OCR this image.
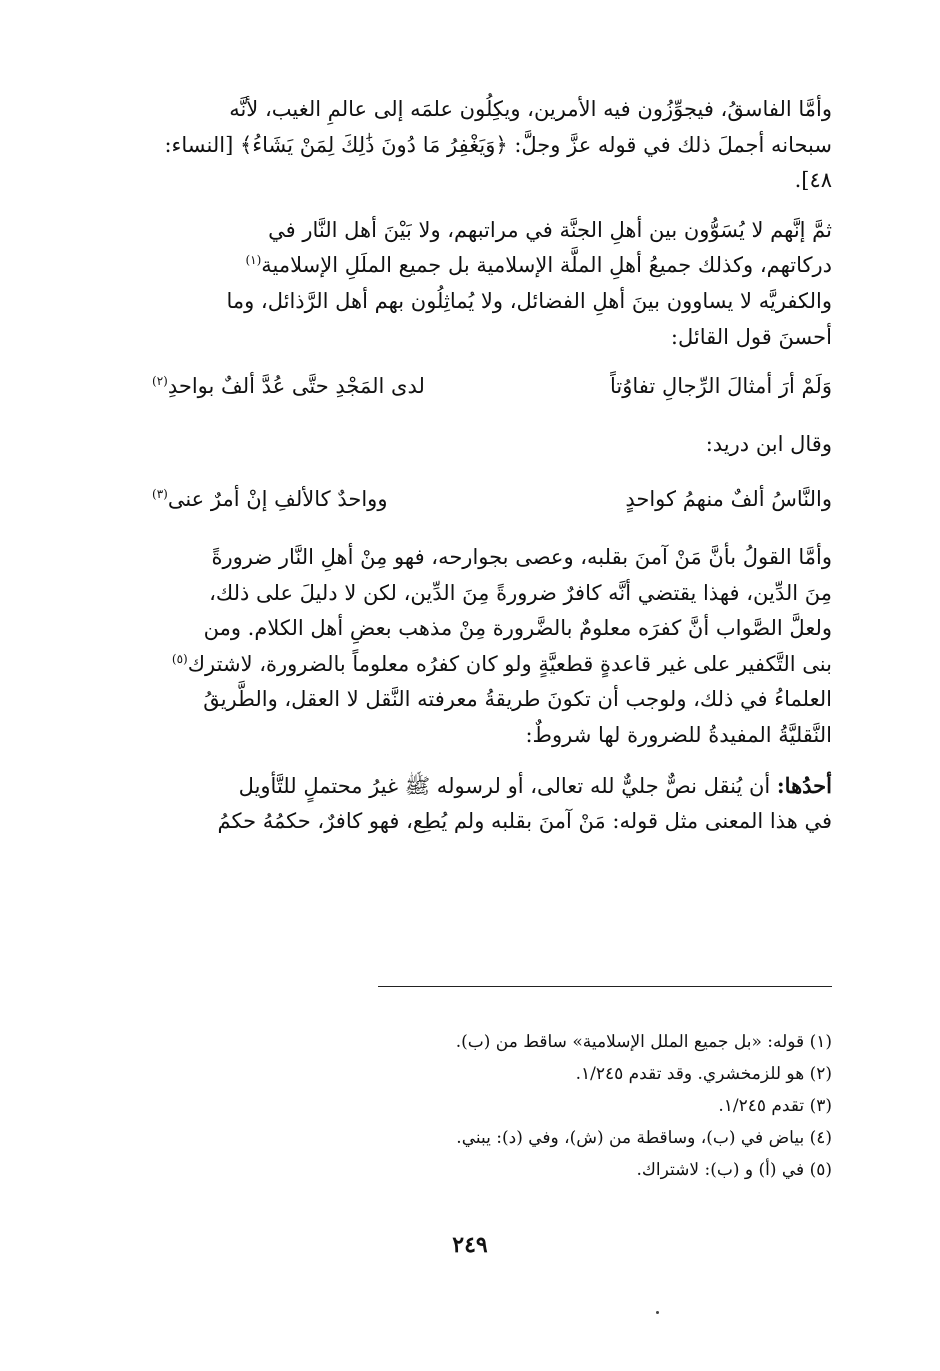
وأمَّا الفاسقُ، فيجوِّزُون فيه الأمرين، ويكِلُون علمَه إلى عالمِ الغيب، لأنَّه

سبحانه أجملَ ذلك في قوله عزَّ وجلَّ: ﴿وَيَغْفِرُ مَا دُونَ ذَٰلِكَ لِمَنْ يَشَاءُ﴾ [النساء:

٤٨].

ثمَّ إنَّهم لا يُسَوُّون بين أهلِ الجنَّة في مراتبهم، ولا بَيْنَ أهل النَّار في

دركاتهم، وكذلك جميعُ أهلِ الملَّة الإسلامية بل جميع الملَلِ الإسلامية$^{(١)}$

والكفريَّه لا يساوون بينَ أهلِ الفضائل، ولا يُماثِلُون بهم أهل الرَّذائل، وما

أحسنَ قول القائل:

وَلَمْ أرَ أمثالَ الرِّجالِ تفاوُتاً
لدى المَجْدِ حتَّى عُدَّ ألفٌ بواحدِ$^{(٢)}$

وقال ابن دريد:

والنَّاسُ ألفٌ منهمُ كواحدٍ
وواحدٌ كالألفِ إنْ أمرٌ عنى$^{(٣)}$

وأمَّا القولُ بأنَّ مَنْ آمنَ بقلبه، وعصى بجوارحه، فهو مِنْ أهلِ النَّار ضرورةً

مِنَ الدِّين، فهذا يقتضي أنَّه كافرٌ ضرورةً مِنَ الدِّين، لكن لا دليلَ على ذلك،

ولعلَّ الصَّواب أنَّ كفرَه معلومٌ بالضَّرورة مِنْ مذهب بعضِ أهل الكلام. ومن

بنى التَّكفير على غير قاعدةٍ قطعيَّةٍ ولو كان كفرُه معلوماً بالضرورة، لاشترك$^{(٥)}$

العلماءُ في ذلك، ولوجب أن تكونَ طريقةُ معرفته النَّقل لا العقل، والطَّريقُ

النَّقليَّةُ المفيدةُ للضرورة لها شروطٌ:

أحدُها: أن يُنقل نصٌّ جليٌّ لله تعالى، أو لرسوله ﷺ غيرُ محتملٍ للتَّأويل

في هذا المعنى مثل قوله: مَنْ آمنَ بقلبه ولم يُطِع، فهو كافرٌ، حكمُهُ حكمُ

(١) قوله: «بل جميع الملل الإسلامية» ساقط من (ب).

(٢) هو للزمخشري. وقد تقدم ١/٢٤٥.

(٣) تقدم ١/٢٤٥.

(٤) بياض في (ب)، وساقطة من (ش)، وفي (د): يبني.

(٥) في (أ) و (ب): لاشتراك.

٢٤٩
